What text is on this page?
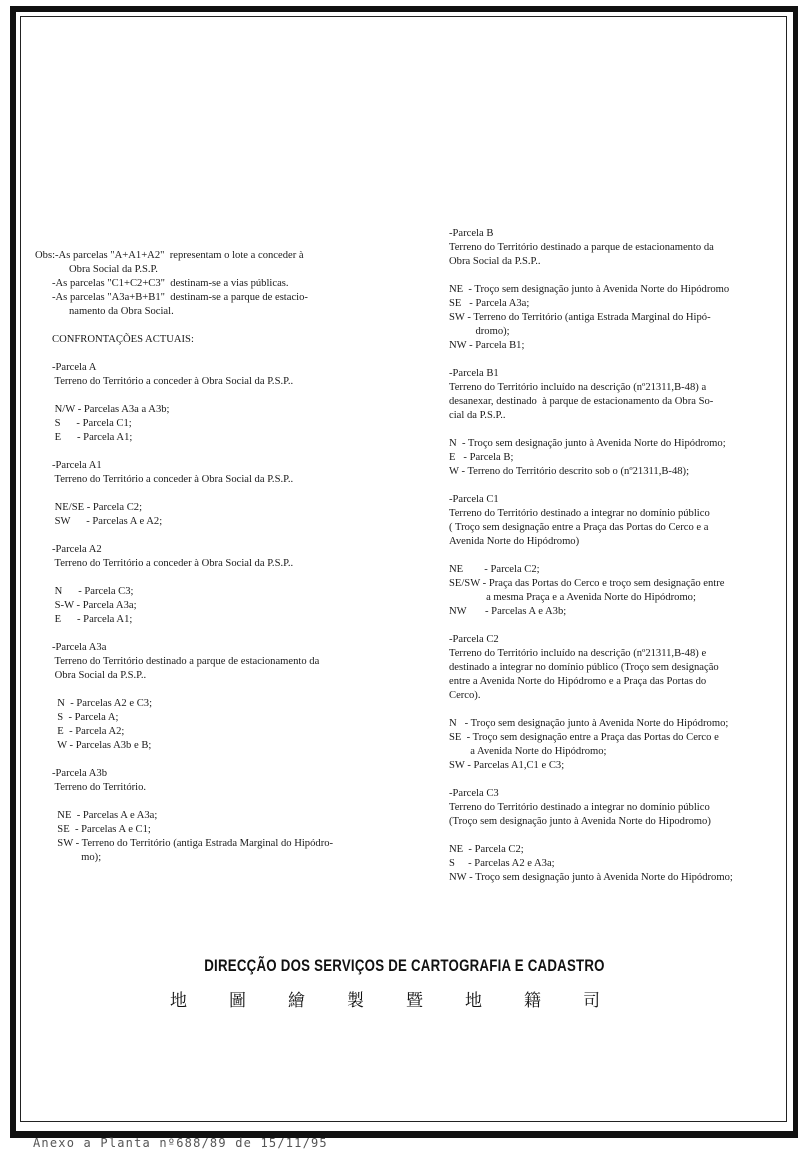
Obs:-As parcelas "A+A1+A2"  representam o lote a conceder à
Obra Social da P.S.P.
-As parcelas "C1+C2+C3"  destinam-se a vias públicas.
-As parcelas "A3a+B+B1"  destinam-se a parque de estacio-
namento da Obra Social.
CONFRONTAÇÕES ACTUAIS:
-Parcela A
Terreno do Território a conceder à Obra Social da P.S.P..
N/W - Parcelas A3a a A3b;
S      - Parcela C1;
E      - Parcela A1;
-Parcela A1
Terreno do Território a conceder à Obra Social da P.S.P..
NE/SE - Parcela C2;
SW      - Parcelas A e A2;
-Parcela A2
Terreno do Território a conceder à Obra Social da P.S.P..
N      - Parcela C3;
S-W - Parcela A3a;
E      - Parcela A1;
-Parcela A3a
Terreno do Território destinado a parque de estacionamento da
Obra Social da P.S.P..
N  - Parcelas A2 e C3;
S  - Parcela A;
E  - Parcela A2;
W - Parcelas A3b e B;
-Parcela A3b
Terreno do Território.
NE  - Parcelas A e A3a;
SE  - Parcelas A e C1;
SW - Terreno do Território (antiga Estrada Marginal do Hipódro-
mo);
-Parcela B
Terreno do Território destinado a parque de estacionamento da
Obra Social da P.S.P..
NE  - Troço sem designação junto à Avenida Norte do Hipódromo
SE   - Parcela A3a;
SW - Terreno do Território (antiga Estrada Marginal do Hipó-
dromo);
NW - Parcela B1;
-Parcela B1
Terreno do Território incluído na descrição (nº21311,B-48) a
desanexar, destinado  à parque de estacionamento da Obra So-
cial da P.S.P..
N  - Troço sem designação junto à Avenida Norte do Hipódromo;
E   - Parcela B;
W - Terreno do Território descrito sob o (nº21311,B-48);
-Parcela C1
Terreno do Território destinado a integrar no domínio público
( Troço sem designação entre a Praça das Portas do Cerco e a
Avenida Norte do Hipódromo)
NE        - Parcela C2;
SE/SW - Praça das Portas do Cerco e troço sem designação entre
a mesma Praça e a Avenida Norte do Hipódromo;
NW       - Parcelas A e A3b;
-Parcela C2
Terreno do Território incluído na descrição (nº21311,B-48) e
destinado a integrar no domínio público (Troço sem designação
entre a Avenida Norte do Hipódromo e a Praça das Portas do
Cerco).
N   - Troço sem designação junto à Avenida Norte do Hipódromo;
SE  - Troço sem designação entre a Praça das Portas do Cerco e
a Avenida Norte do Hipódromo;
SW - Parcelas A1,C1 e C3;
-Parcela C3
Terreno do Território destinado a integrar no domínio público
(Troço sem designação junto à Avenida Norte do Hipodromo)
NE  - Parcela C2;
S     - Parcelas A2 e A3a;
NW - Troço sem designação junto à Avenida Norte do Hipódromo;
DIRECÇÃO DOS SERVIÇOS DE CARTOGRAFIA E CADASTRO
地 圖 繪 製 暨 地 籍 司
Anexo a Planta nº688/89 de 15/11/95
